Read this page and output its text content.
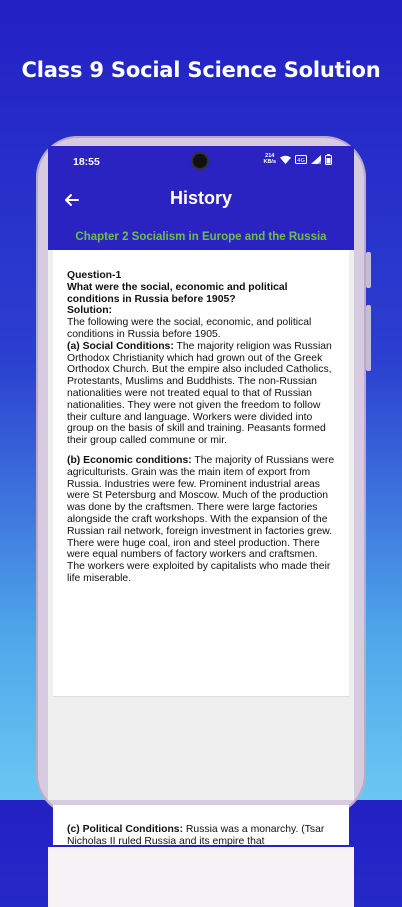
Class 9 Social Science Solution
18:55	214
KB/s	4G
History

(c) Political Conditions: Russia was a monarchy. (Tsar Nicholas II ruled Russia and its empire that

Chapter 2 Socialism in Europe and the Russia
Question-1
What were the social, economic and political conditions in Russia before 1905?
Solution:
The following were the social, economic, and political conditions in Russia before 1905.

(a) Social Conditions: The majority religion was Russian Orthodox Christianity which had grown out of the Greek Orthodox Church. But the empire also included Catholics, Protestants, Muslims and Buddhists. The non-Russian nationalities were not treated equal to that of Russian nationalities. They were not given the freedom to follow their culture and language. Workers were divided into group on the basis of skill and training. Peasants formed their group called commune or mir.

(b) Economic conditions: The majority of Russians were agriculturists. Grain was the main item of export from Russia. Industries were few. Prominent industrial areas were St Petersburg and Moscow. Much of the production was done by the craftsmen. There were large factories alongside the craft workshops. With the expansion of the Russian rail network, foreign investment in factories grew. There were huge coal, iron and steel production. There were equal numbers of factory workers and craftsmen. The workers were exploited by capitalists who made their life miserable.
